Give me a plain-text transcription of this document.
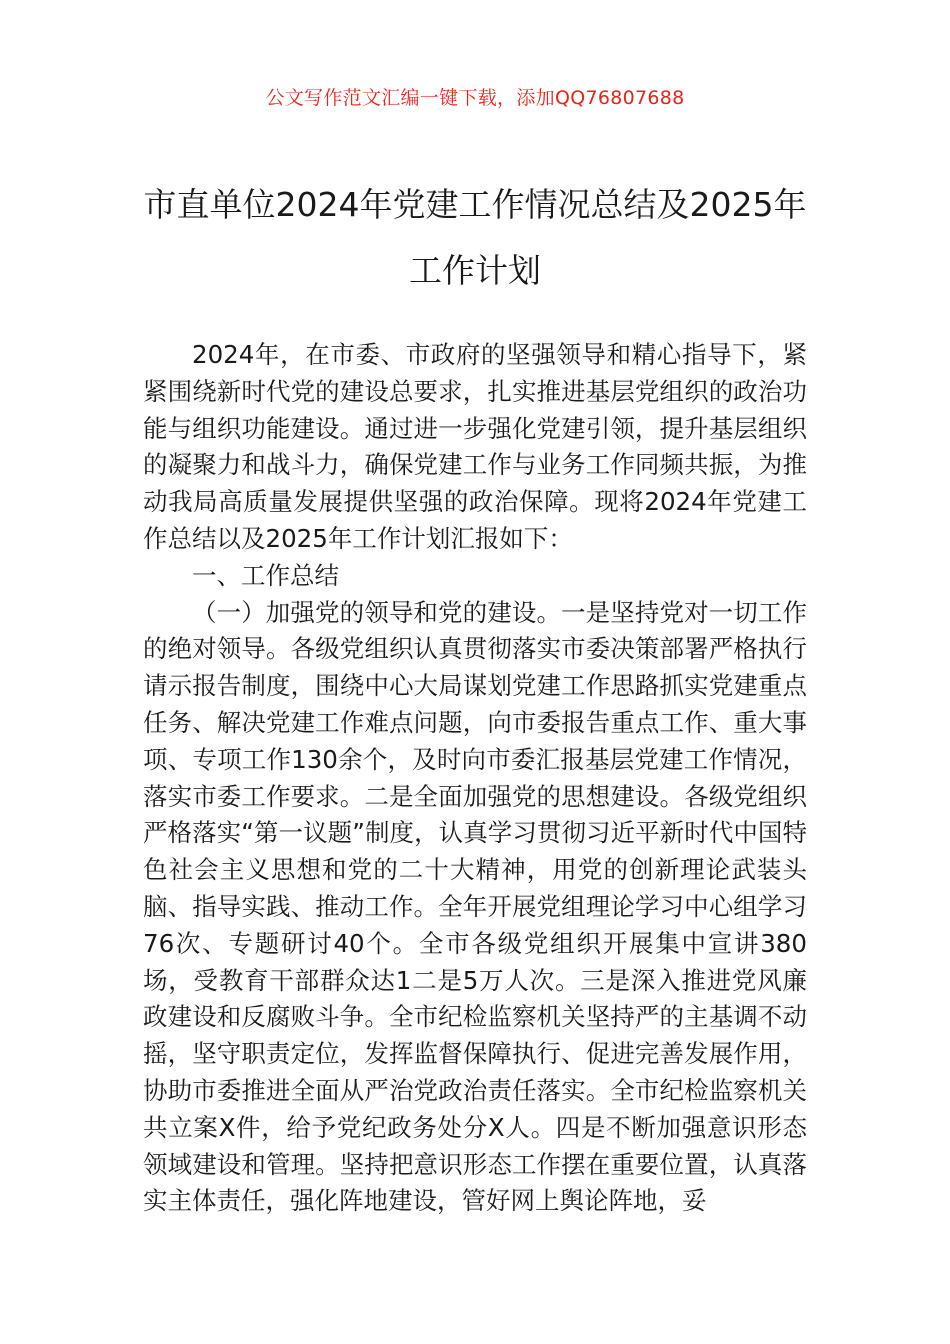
公文写作范文汇编一键下载，添加QQ76807688
市直单位2024年党建工作情况总结及2025年工作计划

2024年，在市委、市政府的坚强领导和精心指导下，紧紧围绕新时代党的建设总要求，扎实推进基层党组织的政治功能与组织功能建设。通过进一步强化党建引领，提升基层组织的凝聚力和战斗力，确保党建工作与业务工作同频共振，为推动我局高质量发展提供坚强的政治保障。现将2024年党建工作总结以及2025年工作计划汇报如下：

一、工作总结

（一）加强党的领导和党的建设。一是坚持党对一切工作的绝对领导。各级党组织认真贯彻落实市委决策部署严格执行请示报告制度，围绕中心大局谋划党建工作思路抓实党建重点任务、解决党建工作难点问题，向市委报告重点工作、重大事项、专项工作130余个，及时向市委汇报基层党建工作情况，落实市委工作要求。二是全面加强党的思想建设。各级党组织严格落实“第一议题”制度，认真学习贯彻习近平新时代中国特色社会主义思想和党的二十大精神，用党的创新理论武装头脑、指导实践、推动工作。全年开展党组理论学习中心组学习76次、专题研讨40个。全市各级党组织开展集中宣讲380场，受教育干部群众达1二是5万人次。三是深入推进党风廉政建设和反腐败斗争。全市纪检监察机关坚持严的主基调不动摇，坚守职责定位，发挥监督保障执行、促进完善发展作用，协助市委推进全面从严治党政治责任落实。全市纪检监察机关共立案X件，给予党纪政务处分X人。四是不断加强意识形态领域建设和管理。坚持把意识形态工作摆在重要位置，认真落实主体责任，强化阵地建设，管好网上舆论阵地，妥
